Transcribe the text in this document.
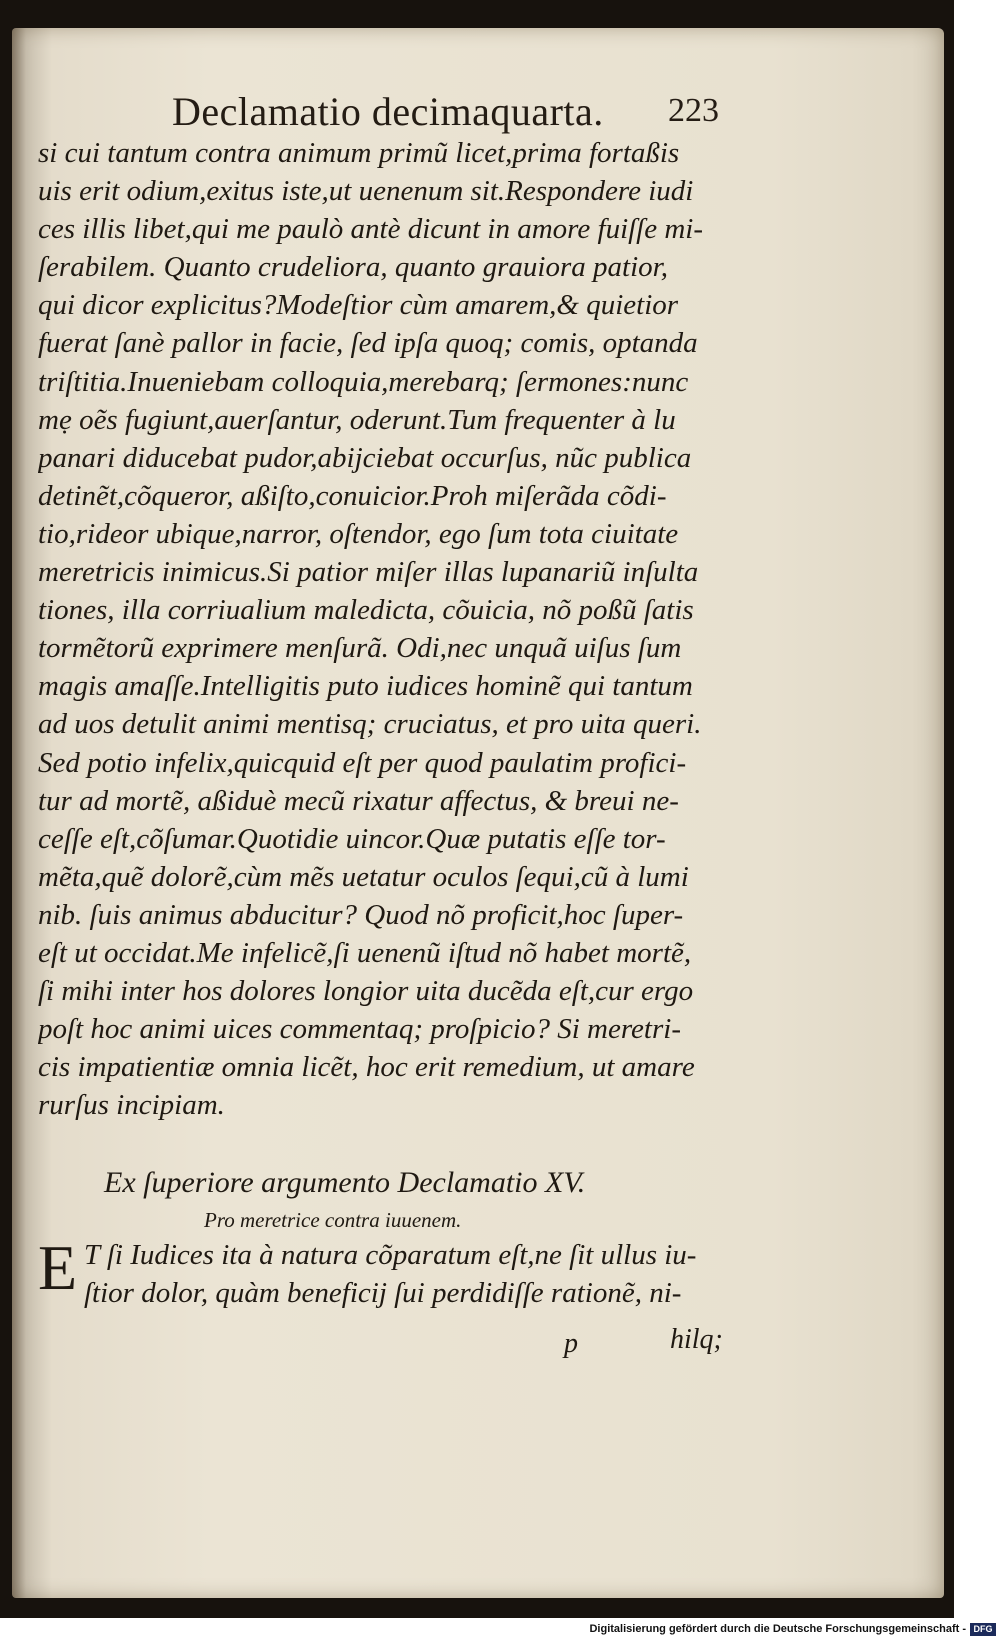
Declamatio decimaquarta. 223
si cui tantum contra animum primũ licet,prima fortaßis
uis erit odium,exitus iste,ut uenenum sit.Respondere iudi
ces illis libet,qui me paulò antè dicunt in amore fuiſſe mi-
ſerabilem. Quanto crudeliora, quanto grauiora patior,
qui dicor explicitus?Modeſtior cùm amarem,& quietior
fuerat ſanè pallor in facie, ſed ipſa quoq; comis, optanda
triſtitia.Inueniebam colloquia,merebarq; ſermones:nunc
mẹ oẽs fugiunt,auerſantur, oderunt.Tum frequenter à lu
panari diducebat pudor,abijciebat occurſus, nũc publica
detinẽt,cõqueror, aßiſto,conuicior.Proh miſerãda cõdi-
tio,rideor ubique,narror, oſtendor, ego ſum tota ciuitate
meretricis inimicus.Si patior miſer illas lupanariũ inſulta
tiones, illa corriualium maledicta, cõuicia, nõ poßũ ſatis
tormẽtorũ exprimere menſurã. Odi,nec unquã uiſus ſum
magis amaſſe.Intelligitis puto iudices hominẽ qui tantum
ad uos detulit animi mentisq; cruciatus, et pro uita queri.
Sed potio infelix,quicquid eſt per quod paulatim profici-
tur ad mortẽ, aßiduè mecũ rixatur affectus, & breui ne-
ceſſe eſt,cõſumar.Quotidie uincor.Quæ putatis eſſe tor-
mẽta,quẽ dolorẽ,cùm mẽs uetatur oculos ſequi,cũ à lumi
nib. ſuis animus abducitur? Quod nõ proficit,hoc ſuper-
eſt ut occidat.Me infelicẽ,ſi uenenũ iſtud nõ habet mortẽ,
ſi mihi inter hos dolores longior uita ducẽda eſt,cur ergo
poſt hoc animi uices commentaq; proſpicio? Si meretri-
cis impatientiæ omnia licẽt, hoc erit remedium, ut amare
rurſus incipiam.
Ex ſuperiore argumento Declamatio XV.
Pro meretrice contra iuuenem.
E T ſi Iudices ita à natura cõparatum eſt,ne ſit ullus iu-
ſtior dolor, quàm beneficij ſui perdidiſſe rationẽ, ni-
p	hilq;
Digitalisierung gefördert durch die Deutsche Forschungsgemeinschaft - DFG
